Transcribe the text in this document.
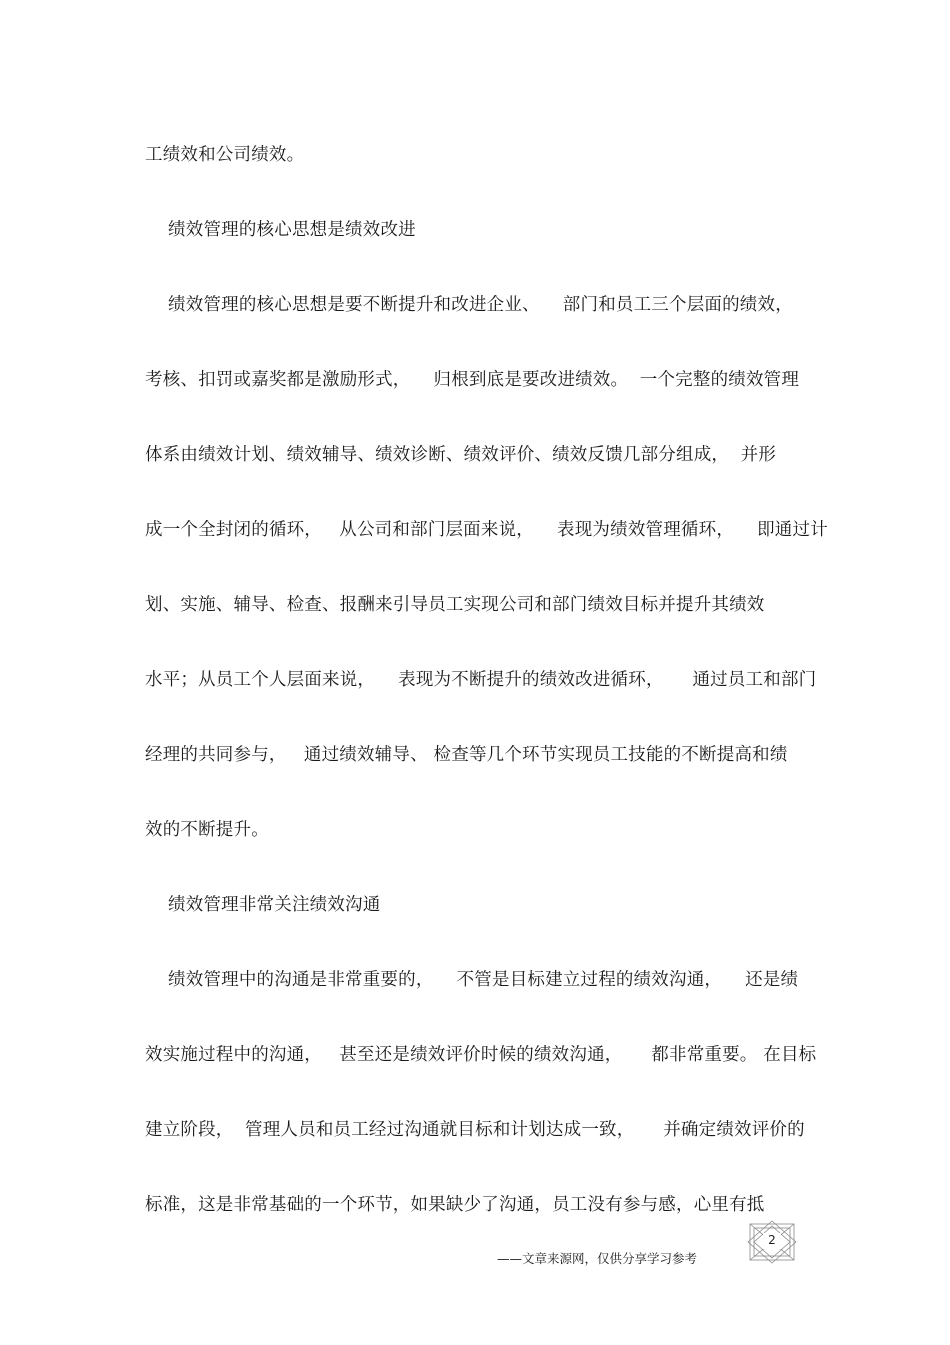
工绩效和公司绩效。

绩效管理的核心思想是绩效改进

绩效管理的核心思想是要不断提升和改进企业、    部门和员工三个层面的绩效，

考核、扣罚或嘉奖都是激励形式，    归根到底是要改进绩效。  一个完整的绩效管理

体系由绩效计划、绩效辅导、绩效诊断、绩效评价、绩效反馈几部分组成，  并形

成一个全封闭的循环，   从公司和部门层面来说，    表现为绩效管理循环，    即通过计

划、实施、辅导、检查、报酬来引导员工实现公司和部门绩效目标并提升其绩效

水平；从员工个人层面来说，    表现为不断提升的绩效改进循环，     通过员工和部门

经理的共同参与，   通过绩效辅导、 检查等几个环节实现员工技能的不断提高和绩

效的不断提升。

绩效管理非常关注绩效沟通

绩效管理中的沟通是非常重要的，    不管是目标建立过程的绩效沟通，    还是绩

效实施过程中的沟通，   甚至还是绩效评价时候的绩效沟通，     都非常重要。 在目标

建立阶段，  管理人员和员工经过沟通就目标和计划达成一致，     并确定绩效评价的

标准，这是非常基础的一个环节，如果缺少了沟通，员工没有参与感，心里有抵

——文章来源网，仅供分享学习参考
2
